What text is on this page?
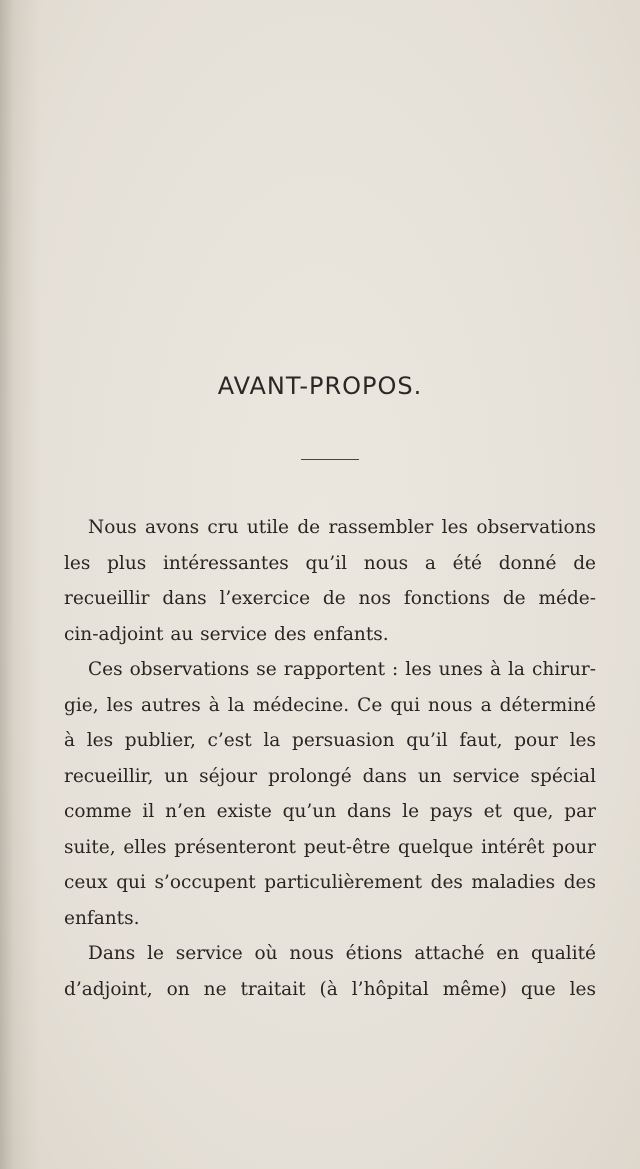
AVANT-PROPOS.
Nous avons cru utile de rassembler les observations
les plus intéressantes qu’il nous a été donné de
recueillir dans l’exercice de nos fonctions de méde-
cin-adjoint au service des enfants.
Ces observations se rapportent : les unes à la chirur-
gie, les autres à la médecine. Ce qui nous a déterminé
à les publier, c’est la persuasion qu’il faut, pour les
recueillir, un séjour prolongé dans un service spécial
comme il n’en existe qu’un dans le pays et que, par
suite, elles présenteront peut-être quelque intérêt pour
ceux qui s’occupent particulièrement des maladies des
enfants.
Dans le service où nous étions attaché en qualité
d’adjoint, on ne traitait (à l’hôpital même) que les
